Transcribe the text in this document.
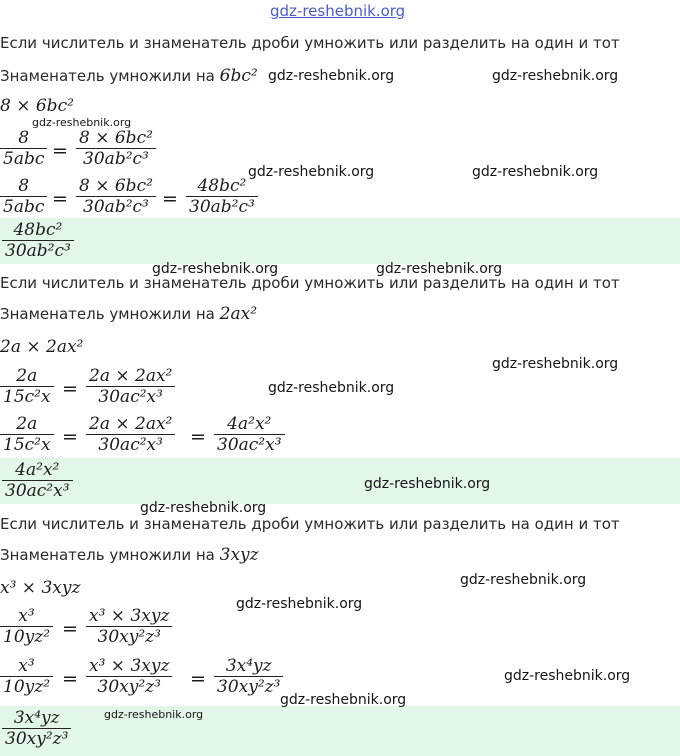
gdz-reshebnik.org
Если числитель и знаменатель дроби умножить или разделить на один и тот
Знаменатель умножили на 6bc²
8 × 6bc²
8
5abc =
8 × 6bc²
30ab²c³
8
5abc =
8 × 6bc²
30ab²c³ =
48bc²
30ab²c³
48bc²
30ab²c³
Если числитель и знаменатель дроби умножить или разделить на один и тот
Знаменатель умножили на 2ax²
2a × 2ax²
2a
15c²x =
2a × 2ax²
30ac²x³
2a
15c²x =
2a × 2ax²
30ac²x³ =
4a²x²
30ac²x³
4a²x²
30ac²x³
Если числитель и знаменатель дроби умножить или разделить на один и тот
Знаменатель умножили на 3xyz
x³ × 3xyz
x³
10yz² =
x³ × 3xyz
30xy²z³
x³
10yz² =
x³ × 3xyz
30xy²z³ =
3x⁴yz
30xy²z³
3x⁴yz
30xy²z³
gdz-reshebnik.org	gdz-reshebnik.org
gdz-reshebnik.org
gdz-reshebnik.org	gdz-reshebnik.org
gdz-reshebnik.org	gdz-reshebnik.org
gdz-reshebnik.org
gdz-reshebnik.org
gdz-reshebnik.org
gdz-reshebnik.org
gdz-reshebnik.org
gdz-reshebnik.org
gdz-reshebnik.org
gdz-reshebnik.org
gdz-reshebnik.org
